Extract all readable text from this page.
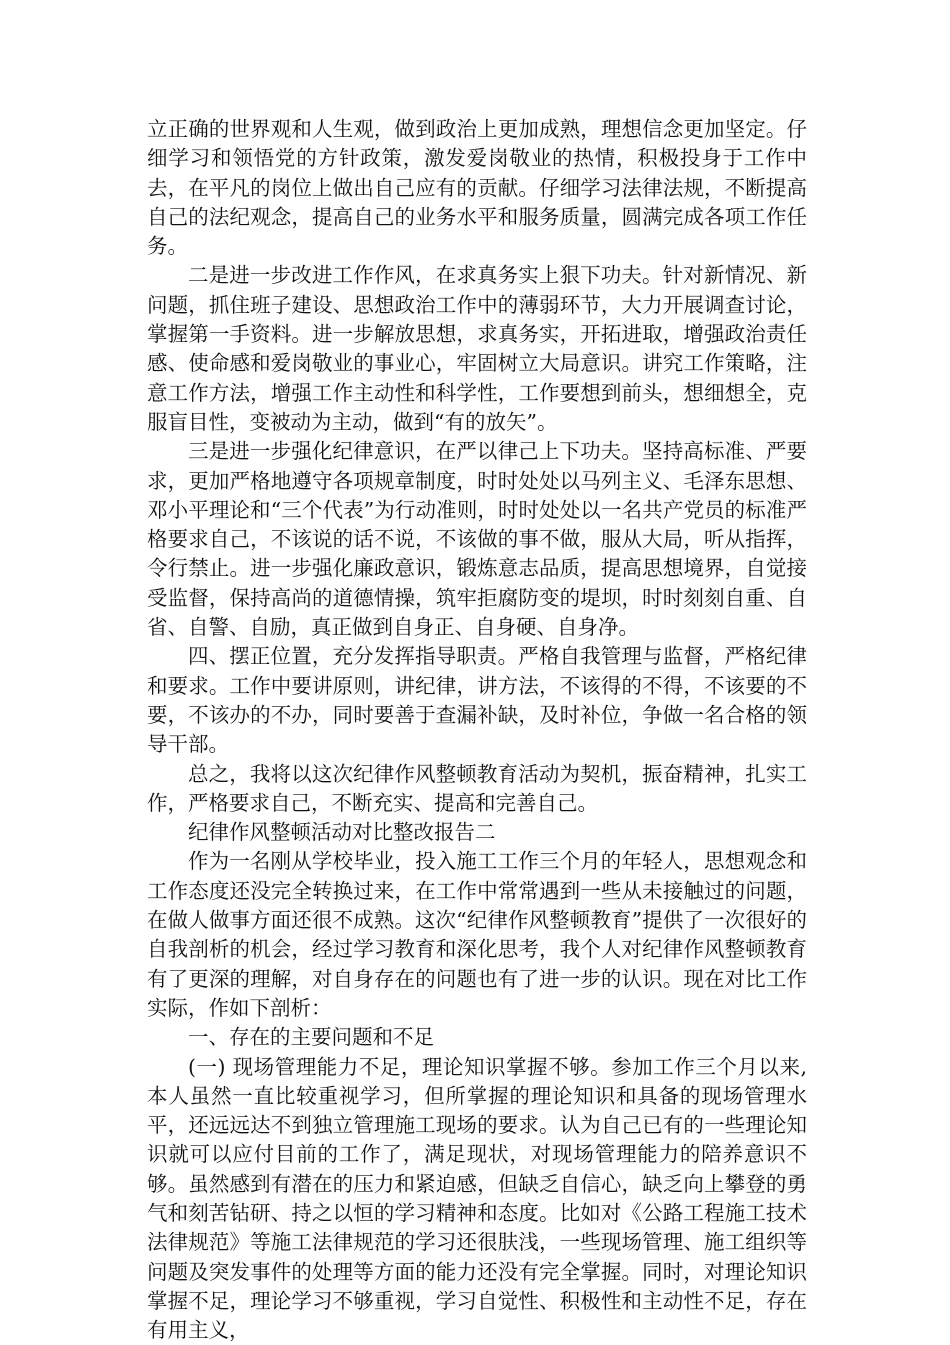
立正确的世界观和人生观，做到政治上更加成熟，理想信念更加坚定。仔细学习和领悟党的方针政策，激发爱岗敬业的热情，积极投身于工作中去，在平凡的岗位上做出自己应有的贡献。仔细学习法律法规，不断提高自己的法纪观念，提高自己的业务水平和服务质量，圆满完成各项工作任务。

二是进一步改进工作作风，在求真务实上狠下功夫。针对新情况、新问题，抓住班子建设、思想政治工作中的薄弱环节，大力开展调查讨论，掌握第一手资料。进一步解放思想，求真务实，开拓进取，增强政治责任感、使命感和爱岗敬业的事业心，牢固树立大局意识。讲究工作策略，注意工作方法，增强工作主动性和科学性，工作要想到前头，想细想全，克服盲目性，变被动为主动，做到“有的放矢”。

三是进一步强化纪律意识，在严以律己上下功夫。坚持高标准、严要求，更加严格地遵守各项规章制度，时时处处以马列主义、毛泽东思想、邓小平理论和“三个代表”为行动准则，时时处处以一名共产党员的标准严格要求自己，不该说的话不说，不该做的事不做，服从大局，听从指挥，令行禁止。进一步强化廉政意识，锻炼意志品质，提高思想境界，自觉接受监督，保持高尚的道德情操，筑牢拒腐防变的堤坝，时时刻刻自重、自省、自警、自励，真正做到自身正、自身硬、自身净。

四、摆正位置，充分发挥指导职责。严格自我管理与监督，严格纪律和要求。工作中要讲原则，讲纪律，讲方法，不该得的不得，不该要的不要，不该办的不办，同时要善于查漏补缺，及时补位，争做一名合格的领导干部。

总之，我将以这次纪律作风整顿教育活动为契机，振奋精神，扎实工作，严格要求自己，不断充实、提高和完善自己。

纪律作风整顿活动对比整改报告二

作为一名刚从学校毕业，投入施工工作三个月的年轻人，思想观念和工作态度还没完全转换过来，在工作中常常遇到一些从未接触过的问题，在做人做事方面还很不成熟。这次“纪律作风整顿教育”提供了一次很好的自我剖析的机会，经过学习教育和深化思考，我个人对纪律作风整顿教育有了更深的理解，对自身存在的问题也有了进一步的认识。现在对比工作实际，作如下剖析：

一、存在的主要问题和不足

(一) 现场管理能力不足，理论知识掌握不够。参加工作三个月以来, 本人虽然一直比较重视学习，但所掌握的理论知识和具备的现场管理水平，还远远达不到独立管理施工现场的要求。认为自己已有的一些理论知识就可以应付目前的工作了，满足现状，对现场管理能力的陪养意识不够。虽然感到有潜在的压力和紧迫感，但缺乏自信心，缺乏向上攀登的勇气和刻苦钻研、持之以恒的学习精神和态度。比如对《公路工程施工技术法律规范》等施工法律规范的学习还很肤浅，一些现场管理、施工组织等问题及突发事件的处理等方面的能力还没有完全掌握。同时，对理论知识掌握不足，理论学习不够重视，学习自觉性、积极性和主动性不足，存在有用主义，
